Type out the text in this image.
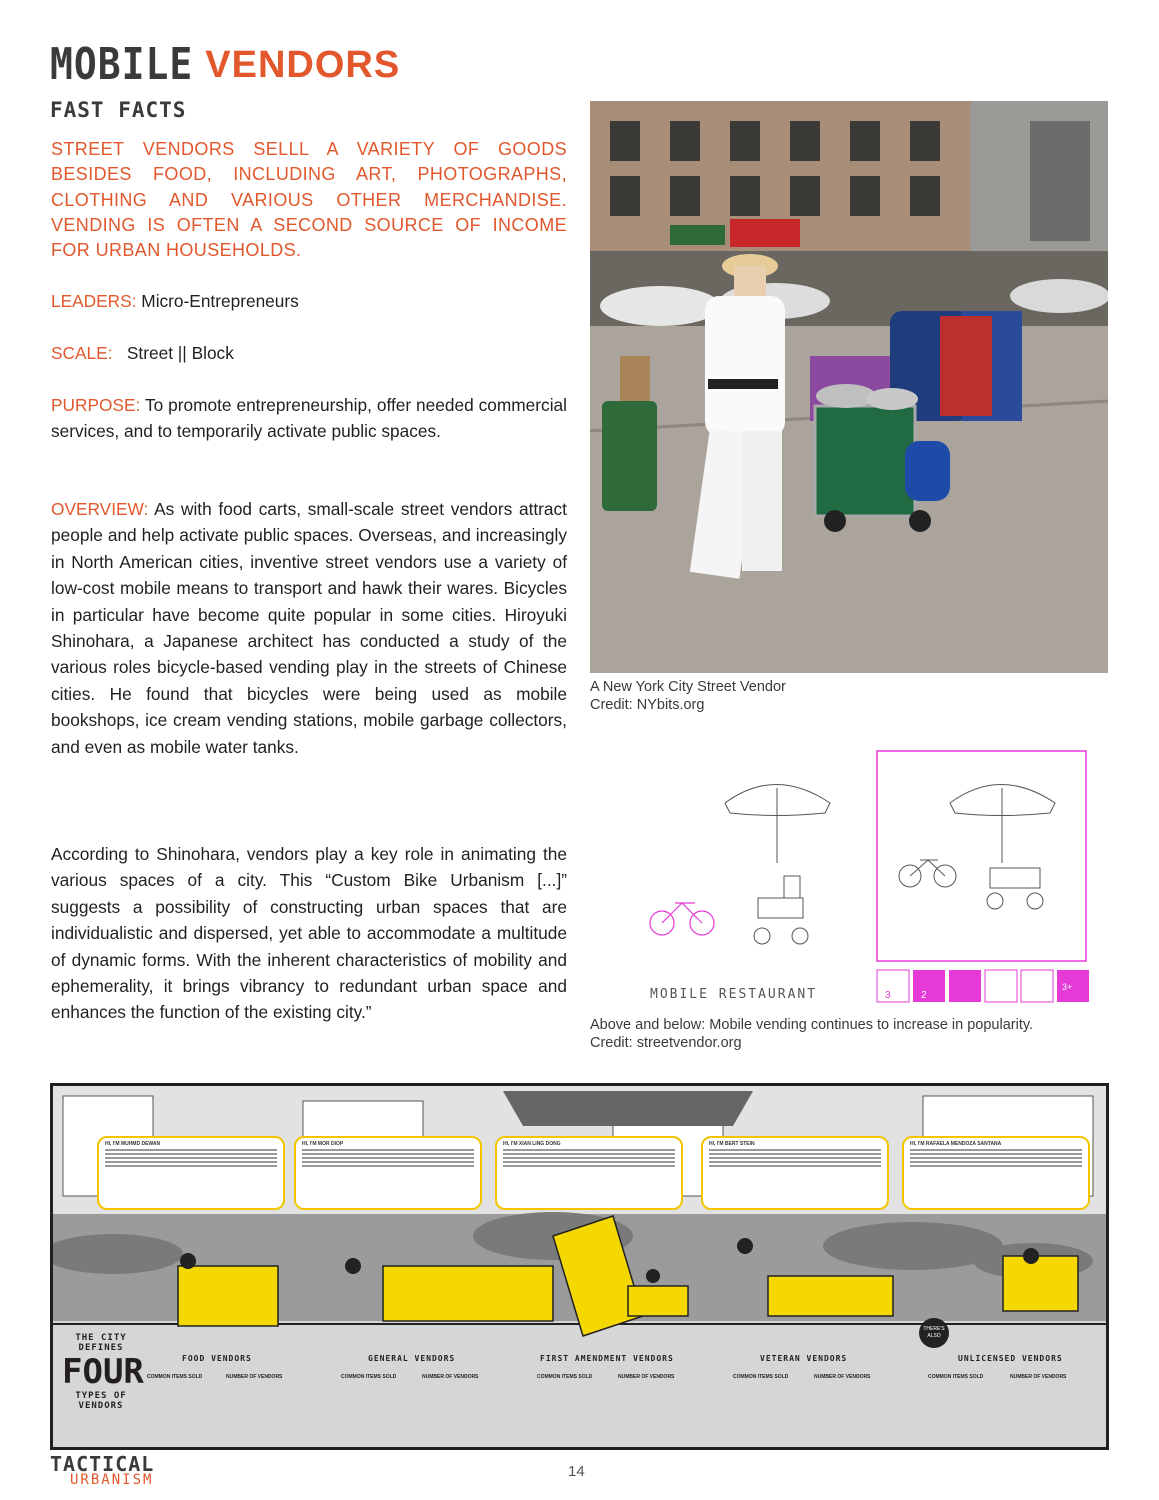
MOBILE VENDORS
FAST FACTS
STREET VENDORS SELLL A VARIETY OF GOODS BESIDES FOOD, INCLUDING ART, PHOTOGRAPHS, CLOTHING AND VARIOUS OTHER MERCHANDISE. VENDING IS OFTEN A SECOND SOURCE OF INCOME FOR URBAN HOUSEHOLDS.
LEADERS: Micro-Entrepreneurs
SCALE: Street || Block
PURPOSE: To promote entrepreneurship, offer needed commercial services, and to temporarily activate public spaces.
OVERVIEW: As with food carts, small-scale street vendors attract people and help activate public spaces. Overseas, and increasingly in North American cities, inventive street vendors use a variety of low-cost mobile means to transport and hawk their wares. Bicycles in particular have become quite popular in some cities. Hiroyuki Shinohara, a Japanese architect has conducted a study of the various roles bicycle-based vending play in the streets of Chinese cities. He found that bicycles were being used as mobile bookshops, ice cream vending stations, mobile garbage collectors, and even as mobile water tanks.
According to Shinohara, vendors play a key role in animating the various spaces of a city. This “Custom Bike Urbanism [...]” suggests a possibility of constructing urban spaces that are individualistic and dispersed, yet able to accommodate a multitude of dynamic forms. With the inherent characteristics of mobility and ephemerality, it brings vibrancy to redundant urban space and enhances the function of the existing city.”
A New York City Street Vendor
Credit: NYbits.org
MOBILE RESTAURANT	3	2
3+
Above and below: Mobile vending continues to increase in popularity.
Credit: streetvendor.org
HI, I'M MUHMD DEWAN	HI, I'M MOR DIOP	HI, I'M XIAN LING DONG	HI, I'M BERT STEIN	HI, I'M RAFAELA MENDOZA SANTANA
THE CITY
DEFINES
FOUR
TYPES OF
VENDORS
FOOD VENDORS	GENERAL VENDORS	FIRST AMENDMENT VENDORS	VETERAN VENDORS	UNLICENSED VENDORS
COMMON ITEMS SOLD	NUMBER OF VENDORS	COMMON ITEMS SOLD	NUMBER OF VENDORS	COMMON ITEMS SOLD	NUMBER OF VENDORS	COMMON ITEMS SOLD	NUMBER OF VENDORS	COMMON ITEMS SOLD	NUMBER OF VENDORS
THERE'S ALSO
TACTICAL
URBANISM	14
